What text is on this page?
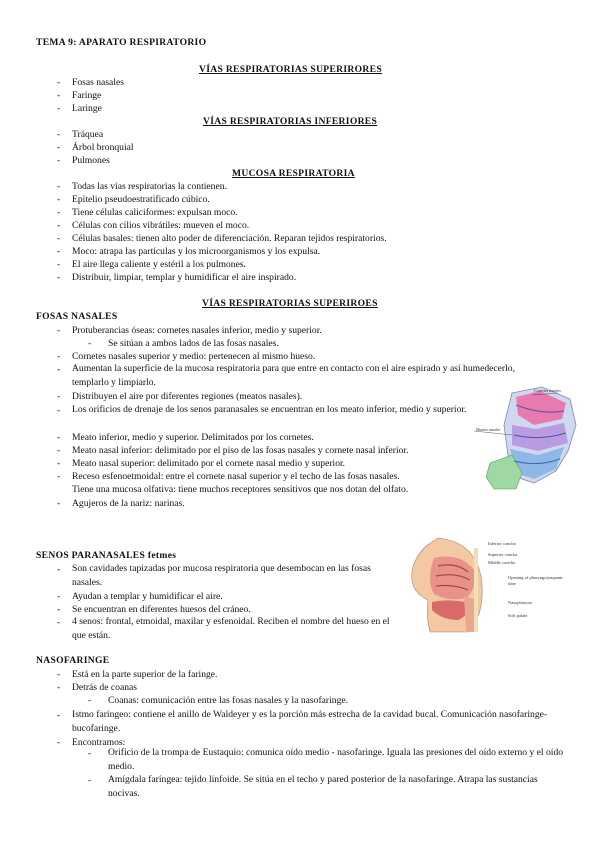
TEMA 9: APARATO RESPIRATORIO
VÍAS RESPIRATORIAS SUPERIRORES
- Fosas nasales
- Faringe
- Laringe
VÍAS RESPIRATORIAS INFERIORES
- Tráquea
- Árbol bronquial
- Pulmones
MUCOSA RESPIRATORIA
- Todas las vías respiratorias la contienen.
- Epitelio pseudoestratificado cúbico.
- Tiene células caliciformes: expulsan moco.
- Células con cilios vibrátiles: mueven el moco.
- Células basales: tienen alto poder de diferenciación. Reparan tejidos respiratorios.
- Moco: atrapa las partículas y los microorganismos y los expulsa.
- El aire llega caliente y estéril a los pulmones.
- Distribuir, limpiar, templar y humidificar el aire inspirado.
VÍAS RESPIRATORIAS SUPERIROES
FOSAS NASALES
- Protuberancias óseas: cornetes nasales inferior, medio y superior.
- Se sitúan a ambos lados de las fosas nasales.
- Cornetes nasales superior y medio: pertenecen al mismo hueso.
- Aumentan la superficie de la mucosa respiratoria para que entre en contacto con el aire espirado y así humedecerlo, templarlo y limpiarlo.
- Distribuyen el aire por diferentes regiones (meatos nasales).
- Los orificios de drenaje de los senos paranasales se encuentran en los meato inferior, medio y superior.
- Meato inferior, medio y superior. Delimitados por los cornetes.
- Meato nasal inferior: delimitado por el piso de las fosas nasales y cornete nasal inferior.
- Meato nasal superior: delimitado por el cornete nasal medio y superior.
- Receso esfenoetmoidal: entre el cornete nasal superior y el techo de las fosas nasales.
Tiene una mucosa olfativa: tiene muchos receptores sensitivos que nos dotan del olfato.
- Agujeros de la nariz: narinas.
Cornetes nasales
Meatos nasales
SENOS PARANASALES fetmes
- Son cavidades tapizadas por mucosa respiratoria que desembocan en las fosas nasales.
- Ayudan a templar y humidificar el aire.
- Se encuentran en diferentes huesos del cráneo.
- 4 senos: frontal, etmoidal, maxilar y esfenoidal. Reciben el nombre del hueso en el que están.
Inferior concha
Superior concha
Middle concha
Opening of pharyngotympanic tube
Nasopharynx
Soft palate
NASOFARINGE
- Está en la parte superior de la faringe.
- Detrás de coanas
- Coanas: comunicación entre las fosas nasales y la nasofaringe.
- Istmo faríngeo: contiene el anillo de Waldeyer y es la porción más estrecha de la cavidad bucal. Comunicación nasofaringe- bucofaringe.
- Encontramos:
- Orificio de la trompa de Eustaquio: comunica oído medio - nasofaringe. Iguala las presiones del oído externo y el oído medio.
- Amígdala faríngea: tejido linfoide. Se sitúa en el techo y pared posterior de la nasofaringe. Atrapa las sustancias nocivas.
